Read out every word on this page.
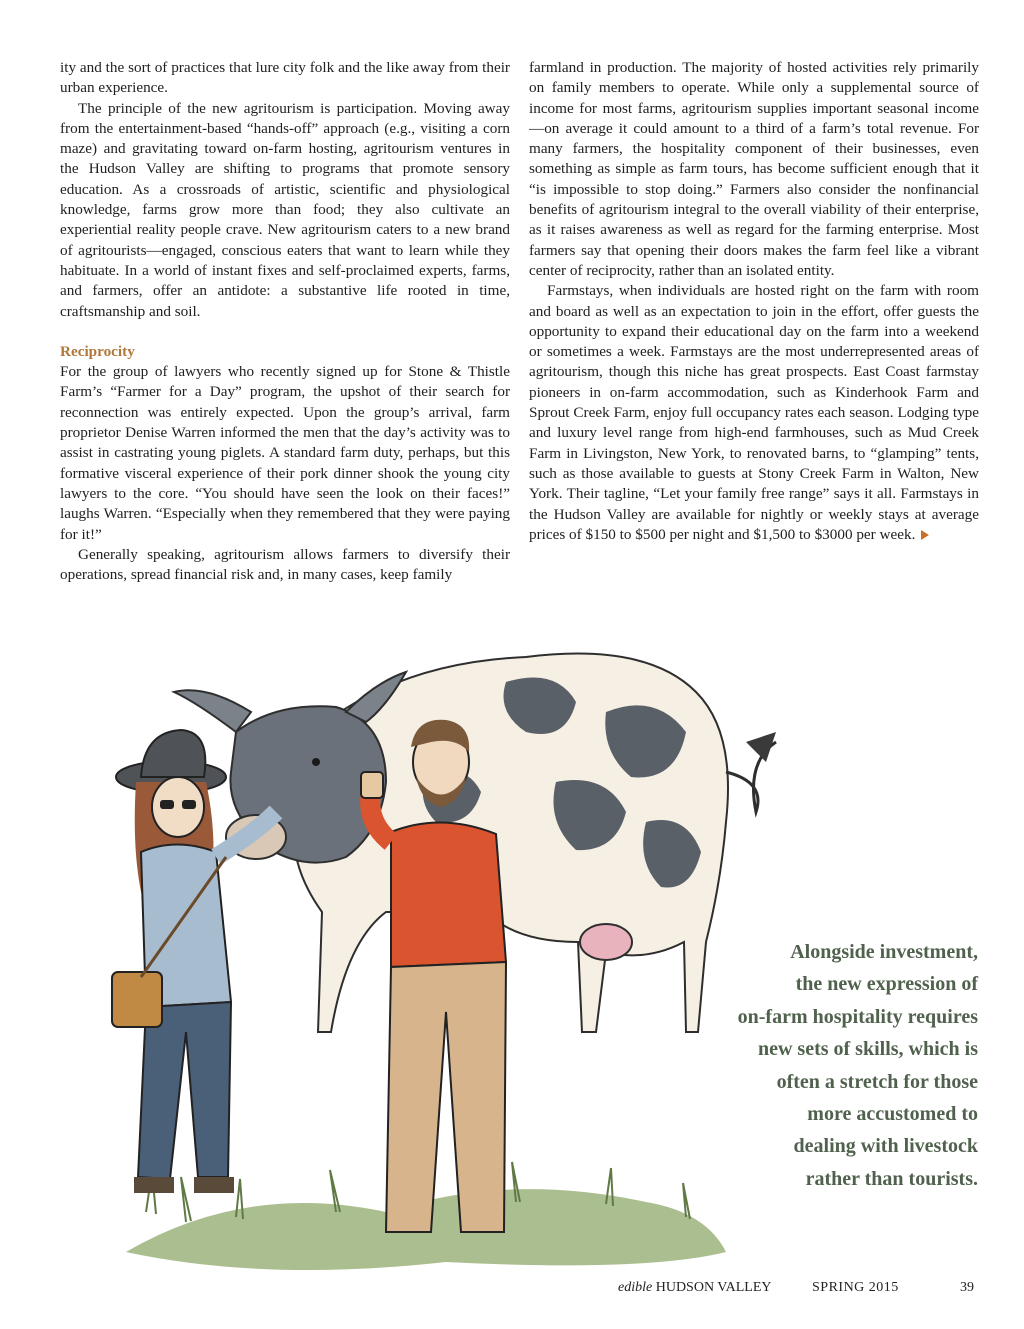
ity and the sort of practices that lure city folk and the like away from their urban experience.

The principle of the new agritourism is participation. Moving away from the entertainment-based “hands-off” approach (e.g., visiting a corn maze) and gravitating toward on-farm hosting, agritourism ventures in the Hudson Valley are shifting to programs that promote sensory education. As a crossroads of artistic, scientific and physiological knowledge, farms grow more than food; they also cultivate an experiential reality people crave. New agritourism caters to a new brand of agritourists—engaged, conscious eaters that want to learn while they habituate. In a world of instant fixes and self-proclaimed experts, farms, and farmers, offer an antidote: a substantive life rooted in time, craftsmanship and soil.

Reciprocity

For the group of lawyers who recently signed up for Stone & Thistle Farm’s “Farmer for a Day” program, the upshot of their search for reconnection was entirely expected. Upon the group’s arrival, farm proprietor Denise Warren informed the men that the day’s activity was to assist in castrating young piglets. A standard farm duty, perhaps, but this formative visceral experience of their pork dinner shook the young city lawyers to the core. “You should have seen the look on their faces!” laughs Warren. “Especially when they remembered that they were paying for it!”

Generally speaking, agritourism allows farmers to diversify their operations, spread financial risk and, in many cases, keep family

farmland in production. The majority of hosted activities rely primarily on family members to operate. While only a supplemental source of income for most farms, agritourism supplies important seasonal income—on average it could amount to a third of a farm’s total revenue. For many farmers, the hospitality component of their businesses, even something as simple as farm tours, has become sufficient enough that it “is impossible to stop doing.” Farmers also consider the nonfinancial benefits of agritourism integral to the overall viability of their enterprise, as it raises awareness as well as regard for the farming enterprise. Most farmers say that opening their doors makes the farm feel like a vibrant center of reciprocity, rather than an isolated entity.

Farmstays, when individuals are hosted right on the farm with room and board as well as an expectation to join in the effort, offer guests the opportunity to expand their educational day on the farm into a weekend or sometimes a week. Farmstays are the most underrepresented areas of agritourism, though this niche has great prospects. East Coast farmstay pioneers in on-farm accommodation, such as Kinderhook Farm and Sprout Creek Farm, enjoy full occupancy rates each season. Lodging type and luxury level range from high-end farmhouses, such as Mud Creek Farm in Livingston, New York, to renovated barns, to “glamping” tents, such as those available to guests at Stony Creek Farm in Walton, New York. Their tagline, “Let your family free range” says it all. Farmstays in the Hudson Valley are available for nightly or weekly stays at average prices of $150 to $500 per night and $1,500 to $3000 per week.

Alongside investment,
the new expression of
on-farm hospitality requires
new sets of skills, which is
often a stretch for those
more accustomed to
dealing with livestock
rather than tourists.
edible HUDSON VALLEY	SPRING 2015	39
